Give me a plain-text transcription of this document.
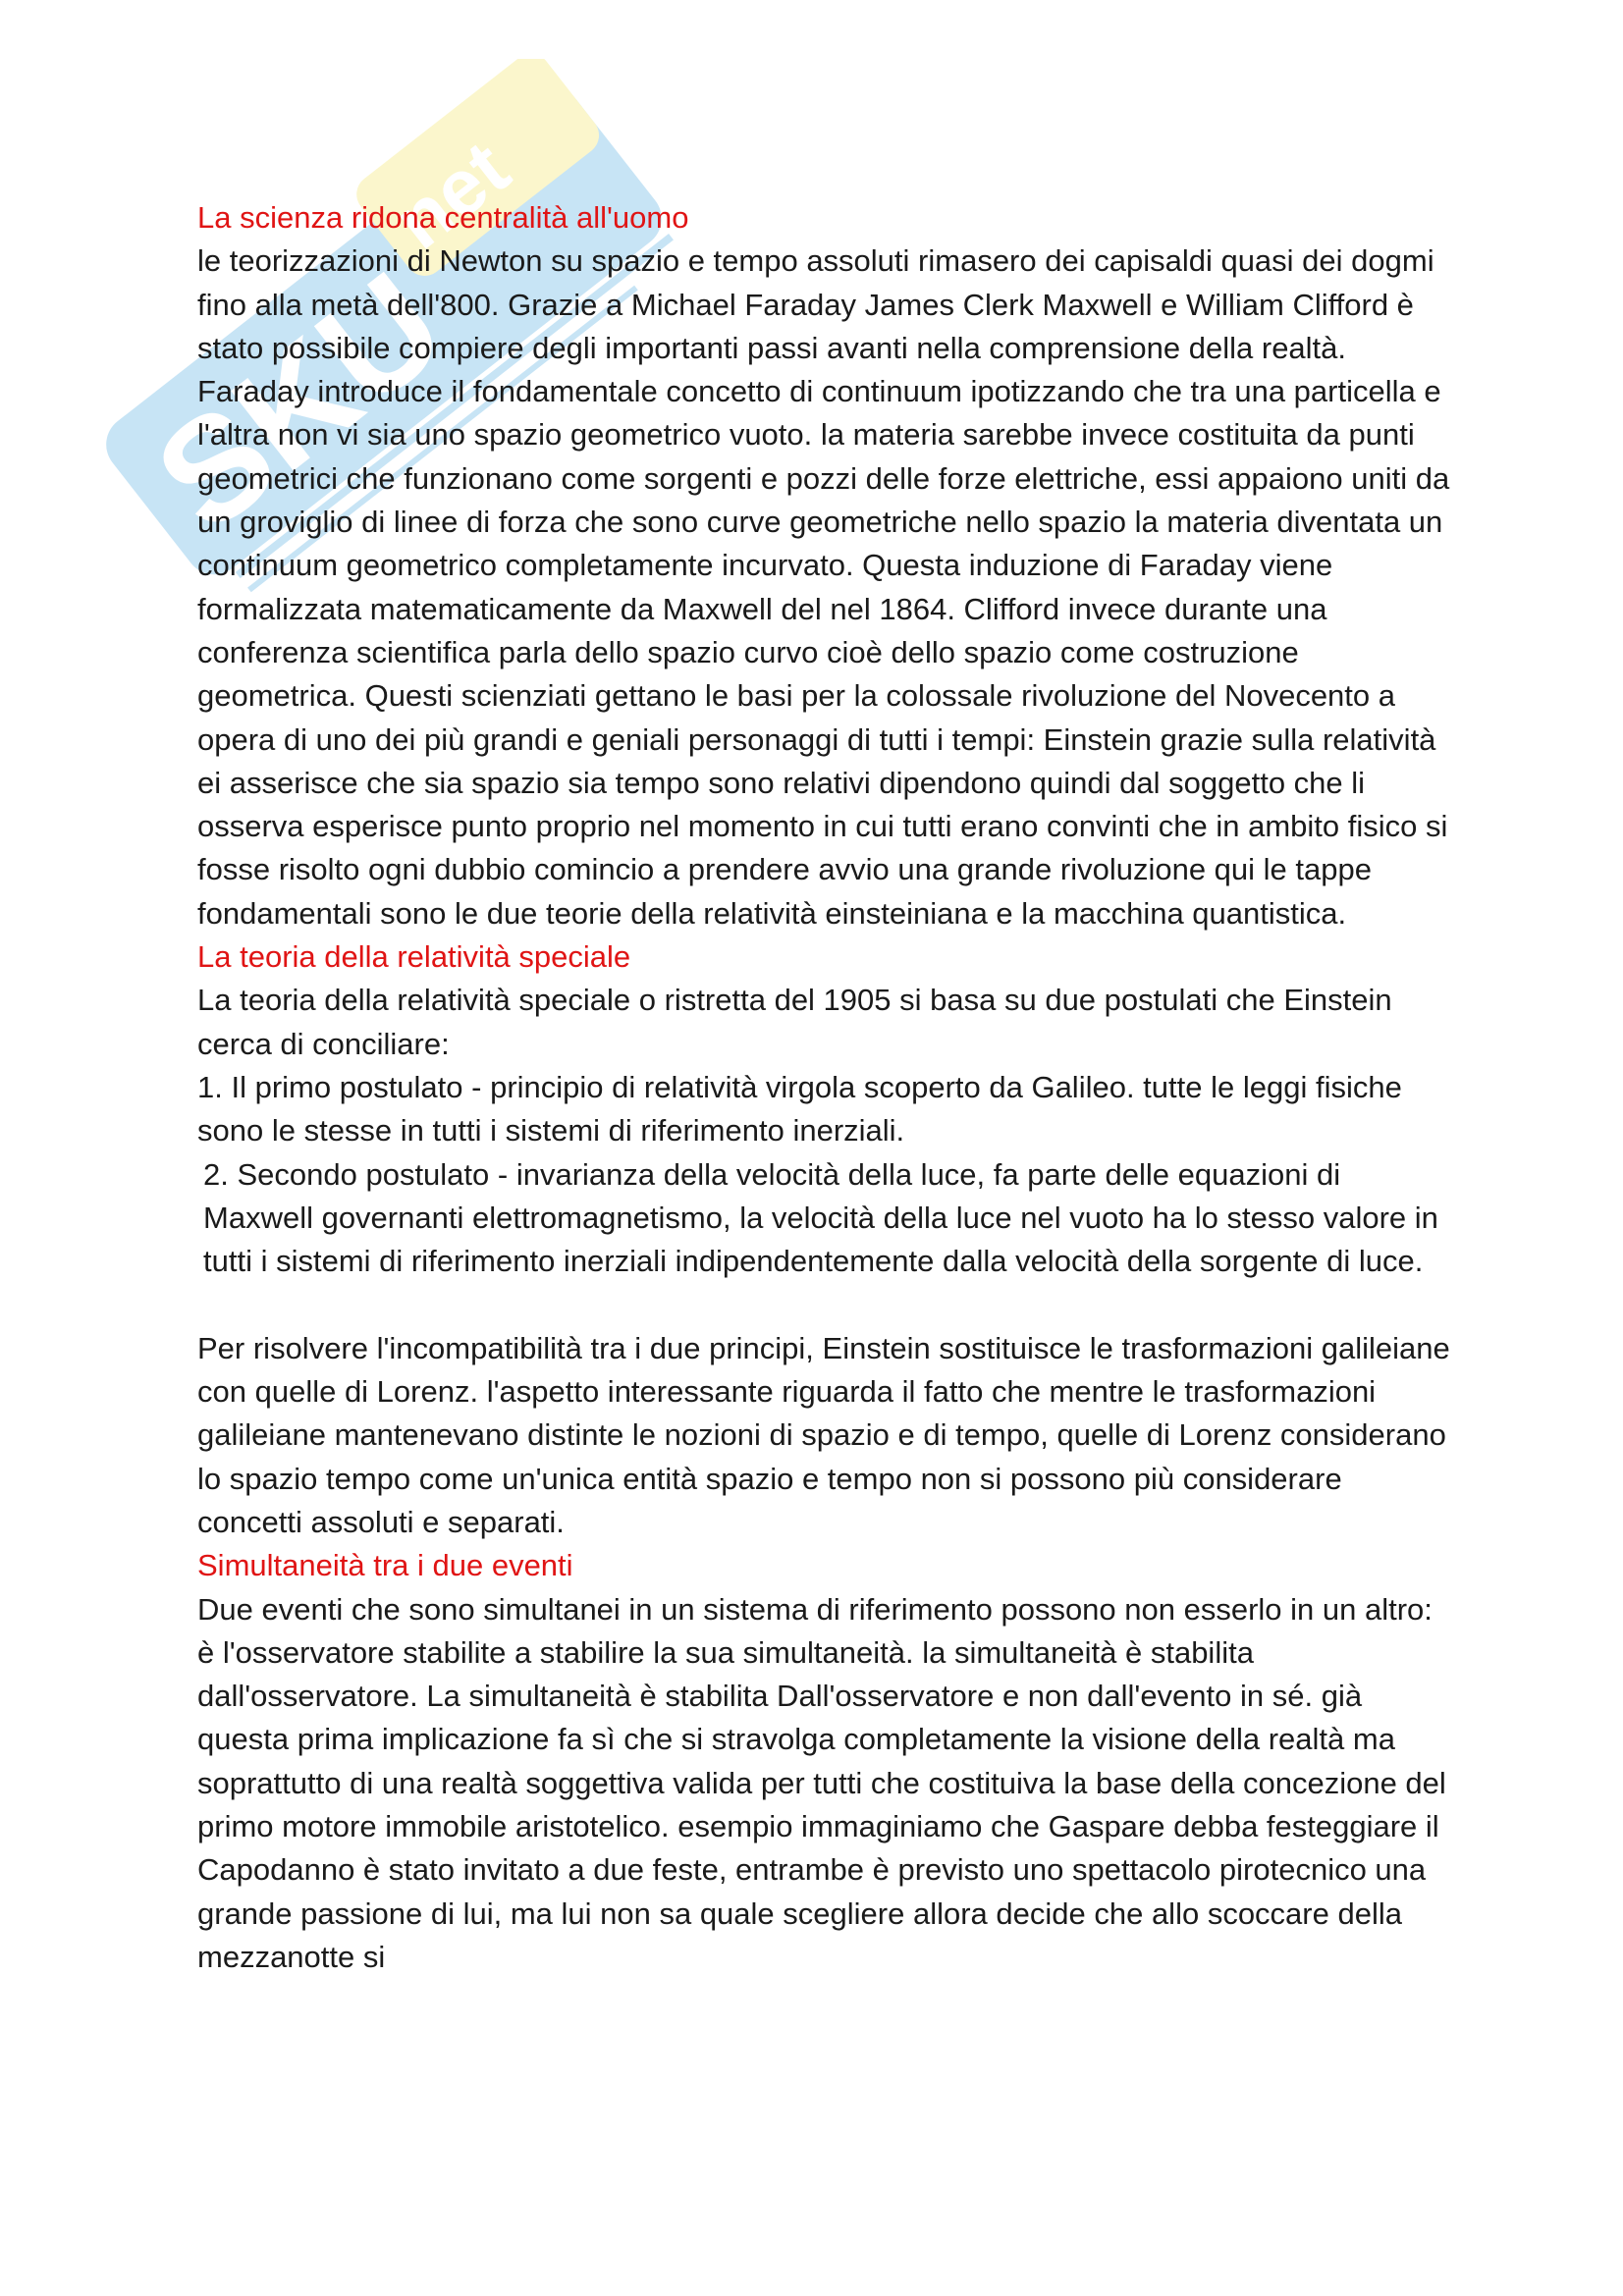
SKU
net

La scienza ridona centralità all'uomo

le teorizzazioni di Newton su spazio e tempo assoluti rimasero dei capisaldi quasi dei dogmi fino alla metà dell'800. Grazie a Michael Faraday James Clerk Maxwell e William Clifford è stato possibile compiere degli importanti passi avanti nella comprensione della realtà. Faraday introduce il fondamentale concetto di continuum ipotizzando che tra una particella e l'altra non vi sia uno spazio geometrico vuoto. la materia sarebbe invece costituita da punti geometrici che funzionano come sorgenti e pozzi delle forze elettriche, essi appaiono uniti da un groviglio di linee di forza che sono curve geometriche nello spazio la materia diventata un continuum geometrico completamente incurvato. Questa induzione di Faraday viene formalizzata matematicamente da Maxwell del nel 1864. Clifford invece durante una conferenza scientifica parla dello spazio curvo cioè dello spazio come costruzione geometrica. Questi scienziati gettano le basi per la colossale rivoluzione del Novecento a opera di uno dei più grandi e geniali personaggi di tutti i tempi: Einstein grazie sulla relatività ei asserisce che sia spazio sia tempo sono relativi dipendono quindi dal soggetto che li osserva esperisce punto proprio nel momento in cui tutti erano convinti che in ambito fisico si fosse risolto ogni dubbio comincio a prendere avvio una grande rivoluzione qui le tappe fondamentali sono le due teorie della relatività einsteiniana e la macchina quantistica.

La teoria della relatività speciale

La teoria della relatività speciale o ristretta del 1905 si basa su due postulati che Einstein cerca di conciliare:

1. Il primo postulato - principio di relatività virgola scoperto da Galileo. tutte le leggi fisiche sono le stesse in tutti i sistemi di riferimento inerziali.

2. Secondo postulato - invarianza della velocità della luce, fa parte delle equazioni di Maxwell governanti elettromagnetismo, la velocità della luce nel vuoto ha lo stesso valore in tutti i sistemi di riferimento inerziali indipendentemente dalla velocità della sorgente di luce.

Per risolvere l'incompatibilità tra i due principi, Einstein sostituisce le trasformazioni galileiane con quelle di Lorenz. l'aspetto interessante riguarda il fatto che mentre le trasformazioni galileiane mantenevano distinte le nozioni di spazio e di tempo, quelle di Lorenz considerano lo spazio tempo come un'unica entità spazio e tempo non si possono più considerare concetti assoluti e separati.

Simultaneità tra i due eventi

Due eventi che sono simultanei in un sistema di riferimento possono non esserlo in un altro: è l'osservatore stabilite a stabilire la sua simultaneità. la simultaneità è stabilita dall'osservatore. La simultaneità è stabilita Dall'osservatore e non dall'evento in sé. già questa prima implicazione fa sì che si stravolga completamente la visione della realtà ma soprattutto di una realtà soggettiva valida per tutti che costituiva la base della concezione del primo motore immobile aristotelico. esempio immaginiamo che Gaspare debba festeggiare il Capodanno è stato invitato a due feste, entrambe è previsto uno spettacolo pirotecnico una grande passione di lui, ma lui non sa quale scegliere allora decide che allo scoccare della mezzanotte si
